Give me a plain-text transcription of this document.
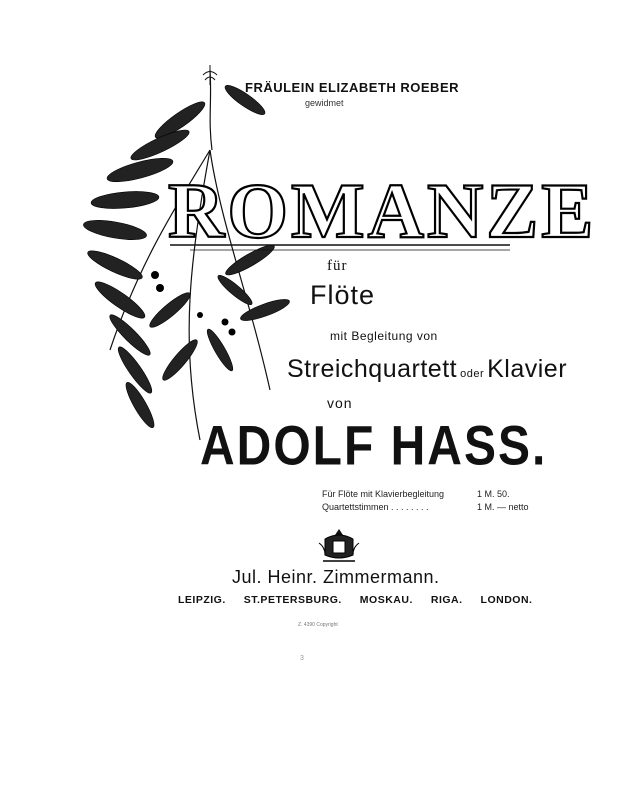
FRÄULEIN ELIZABETH ROEBER
gewidmet
ROMANZE
für
Flöte
mit Begleitung von
Streichquartett oder Klavier
von
ADOLF HASS.
Für Flöte mit Klavierbegleitung	1 M. 50.
Quartettstimmen . . . . . . . .	1 M. — netto
Jul. Heinr. Zimmermann.
LEIPZIG. ST.PETERSBURG. MOSKAU. RIGA. LONDON.
Z. 4390 Copyright
3
